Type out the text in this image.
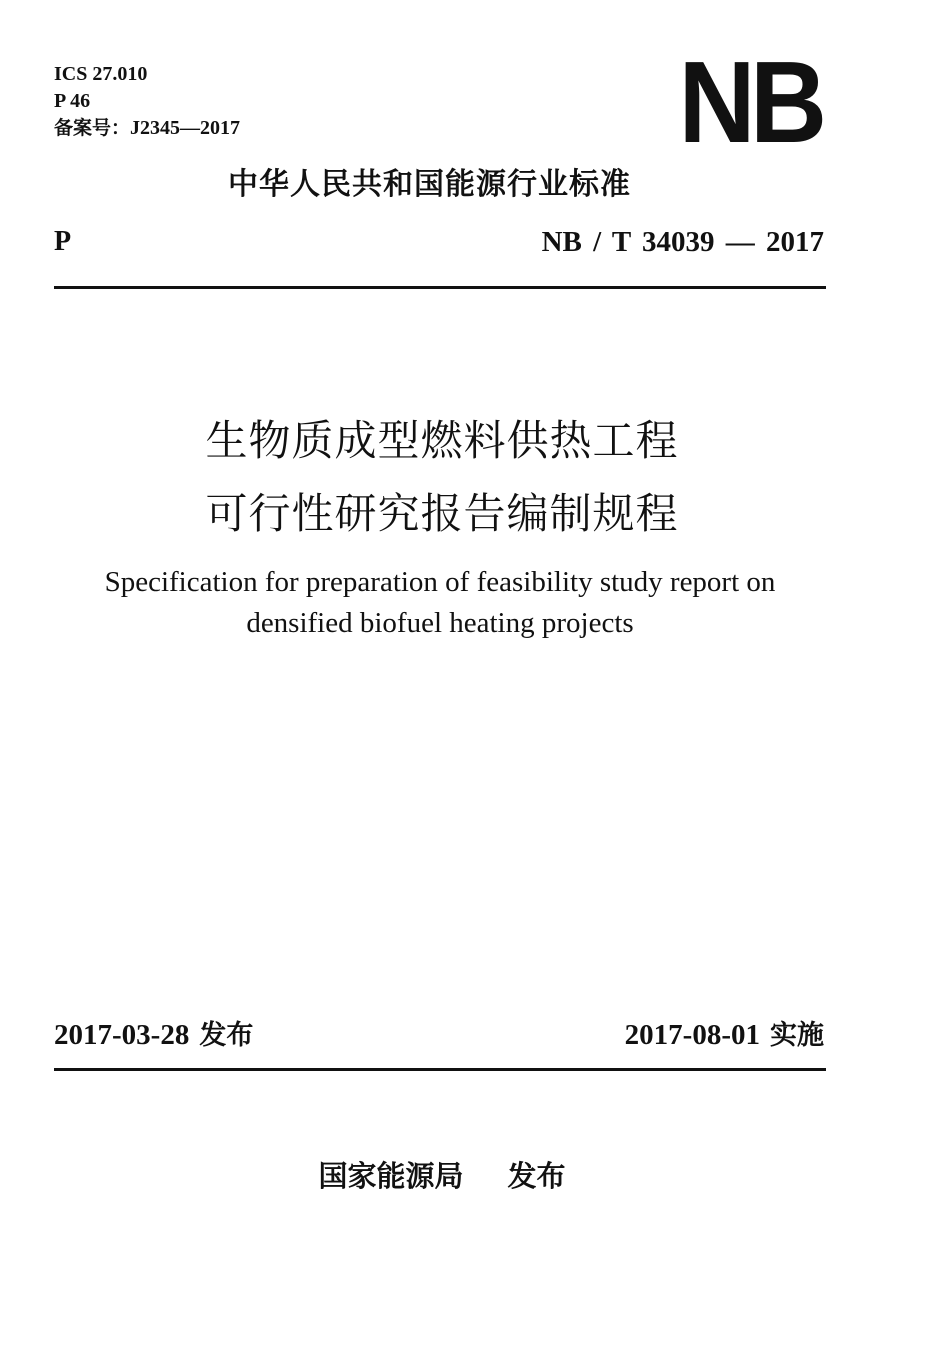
ICS 27.010
P 46
备案号：J2345—2017	NB
中华人民共和国能源行业标准
P	NB / T 34039 — 2017
生物质成型燃料供热工程
可行性研究报告编制规程
Specification for preparation of feasibility study report on
densified biofuel heating projects
2017-03-28 发布	2017-08-01 实施
国家能源局 发布
